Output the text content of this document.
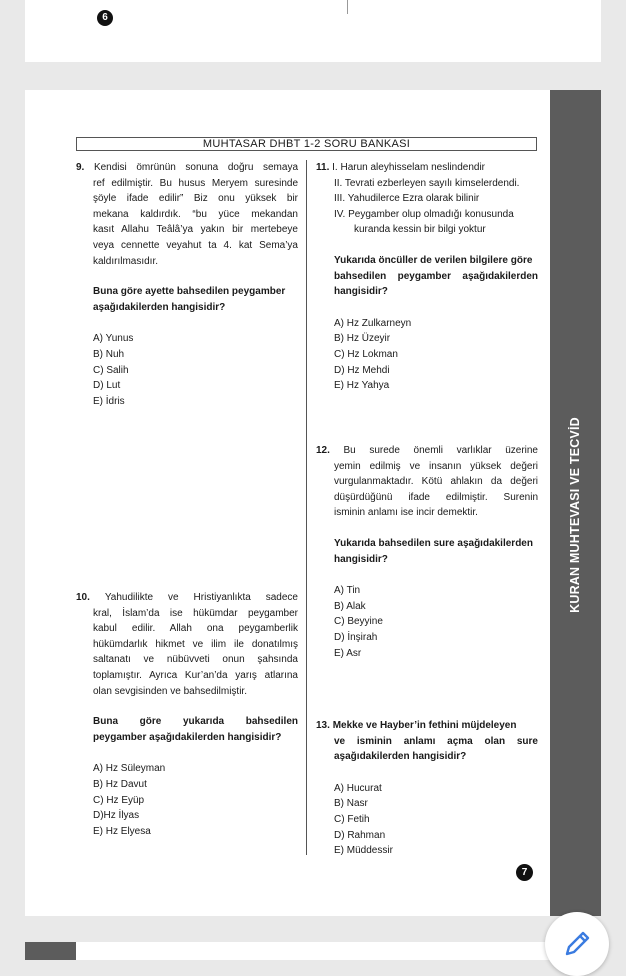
6
KURAN MUHTEVASI VE TECVİD
MUHTASAR DHBT 1-2 SORU BANKASI

9. Kendisi ömrünün sonuna doğru semaya

ref edilmiştir. Bu husus Meryem suresinde

şöyle ifade edilir” Biz onu yüksek bir

mekana kaldırdık. “bu yüce mekandan

kasıt Allahu Teâlâ’ya yakın bir mertebeye

veya cennette veyahut ta 4. kat Sema’ya

kaldırılmasıdır.

Buna göre ayette bahsedilen peygamber

aşağıdakilerden hangisidir?

A) Yunus

B) Nuh

C) Salih

D) Lut

E) İdris

10. Yahudilikte ve Hristiyanlıkta sadece

kral, İslam’da ise hükümdar peygamber

kabul edilir. Allah ona peygamberlik

hükümdarlık hikmet ve ilim ile donatılmış

saltanatı ve nübüvveti onun şahsında

toplamıştır. Ayrıca Kur’an’da yarış atlarına

olan sevgisinden ve bahsedilmiştir.

Buna göre yukarıda bahsedilen

peygamber aşağıdakilerden hangisidir?

A) Hz Süleyman

B) Hz Davut

C) Hz Eyüp

D)Hz İlyas

E) Hz Elyesa

11. I. Harun aleyhisselam neslindendir

II. Tevrati ezberleyen sayılı kimselerdendi.

III. Yahudilerce Ezra olarak bilinir

IV. Peygamber olup olmadığı konusunda

kuranda kessin bir bilgi yoktur

Yukarıda öncüller de verilen bilgilere göre

bahsedilen peygamber aşağıdakilerden

hangisidir?

A) Hz Zulkarneyn

B) Hz Üzeyir

C) Hz Lokman

D) Hz Mehdi

E) Hz Yahya

12. Bu surede önemli varlıklar üzerine

yemin edilmiş ve insanın yüksek değeri

vurgulanmaktadır. Kötü ahlakın da değeri

düşürdüğünü ifade edilmiştir. Surenin

isminin anlamı ise incir demektir.

Yukarıda bahsedilen sure aşağıdakilerden

hangisidir?

A) Tin

B) Alak

C) Beyyine

D) İnşirah

E) Asr

13. Mekke ve Hayber’in fethini müjdeleyen

ve isminin anlamı açma olan sure

aşağıdakilerden hangisidir?

A) Hucurat

B) Nasr

C) Fetih

D) Rahman

E) Müddessir

7
